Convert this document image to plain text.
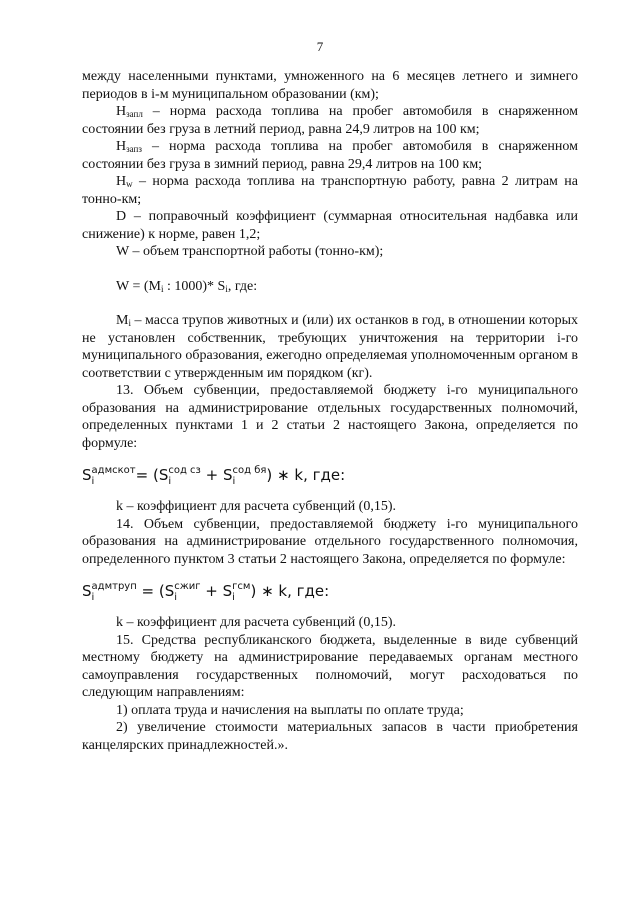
7

между населенными пунктами, умноженного на 6 месяцев летнего и зимнего периодов в i-м муниципальном образовании (км);

$H_{запл}$ – норма расхода топлива на пробег автомобиля в снаряженном состоянии без груза в летний период, равна 24,9 литров на 100 км;

$H_{запз}$ – норма расхода топлива на пробег автомобиля в снаряженном состоянии без груза в зимний период, равна 29,4 литров на 100 км;

$H_w$ – норма расхода топлива на транспортную работу, равна 2 литрам на тонно-км;

D – поправочный коэффициент (суммарная относительная надбавка или снижение) к норме, равен 1,2;

W – объем транспортной работы (тонно-км);

$W = (M_i$ : 1000)* $S_i$, где:

$M_i$ – масса трупов животных и (или) их останков в год, в отношении которых не установлен собственник, требующих уничтожения на территории i-го муниципального образования, ежегодно определяемая уполномоченным органом в соответствии с утвержденным им порядком (кг).

13. Объем субвенции, предоставляемой бюджету i-го муниципального образования на администрирование отдельных государственных полномочий, определенных пунктами 1 и 2 статьи 2 настоящего Закона, определяется по формуле:

S адмскот
i	= (S сод сз
i	+ S сод бя
i	) ∗ k, где:

k – коэффициент для расчета субвенций (0,15).

14. Объем субвенции, предоставляемой бюджету i-го муниципального образования на администрирование отдельного государственного полномочия, определенного пунктом 3 статьи 2 настоящего Закона, определяется по формуле:

S адмтруп
i	= (S сжиг
i	+ S гсм
i	) ∗ k, где:

k – коэффициент для расчета субвенций (0,15).

15. Средства республиканского бюджета, выделенные в виде субвенций местному бюджету на администрирование передаваемых органам местного самоуправления государственных полномочий, могут расходоваться по следующим направлениям:

1) оплата труда и начисления на выплаты по оплате труда;

2) увеличение стоимости материальных запасов в части приобретения канцелярских принадлежностей.».
